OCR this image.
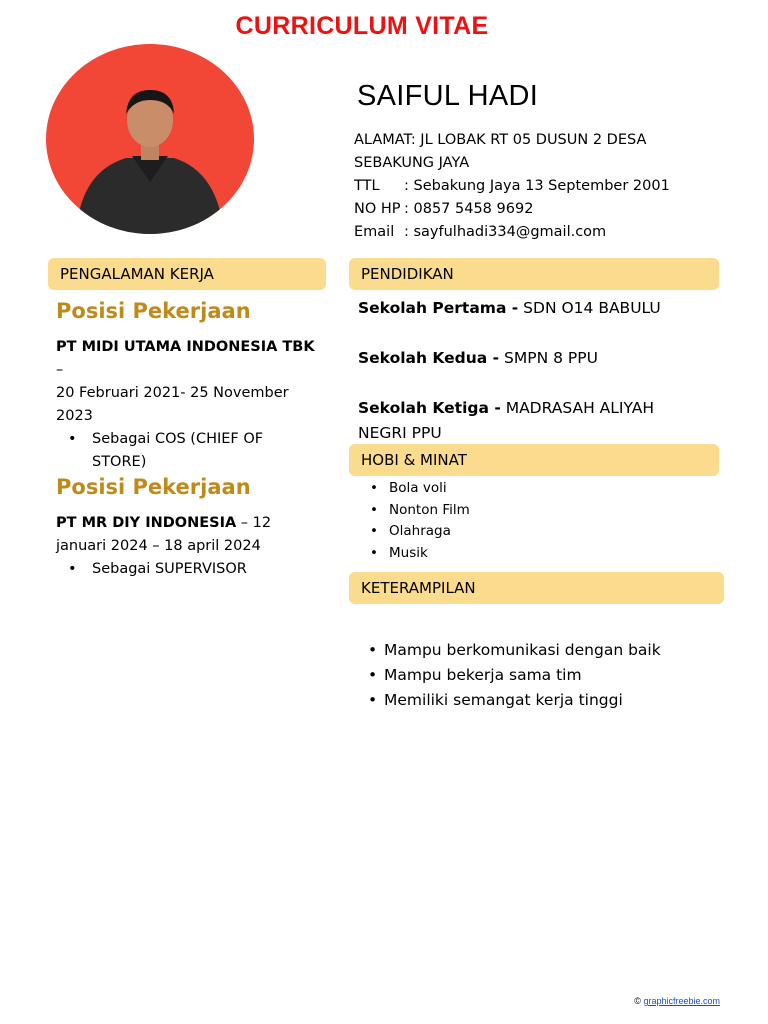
CURRICULUM VITAE
SAIFUL HADI
ALAMAT: JL LOBAK RT 05 DUSUN 2 DESA
SEBAKUNG JAYA
TTL	: Sebakung Jaya 13 September 2001
NO HP : 0857 5458 9692
Email : sayfulhadi334@gmail.com
PENGALAMAN KERJA
Posisi Pekerjaan
PT MIDI UTAMA INDONESIA TBK –
20 Februari 2021- 25 November 2023
• Sebagai COS (CHIEF OF STORE)
Posisi Pekerjaan
PT MR DIY INDONESIA – 12 januari 2024 – 18 april 2024
• Sebagai SUPERVISOR
PENDIDIKAN
Sekolah Pertama - SDN O14 BABULU
Sekolah Kedua - SMPN 8 PPU
Sekolah Ketiga - MADRASAH ALIYAH NEGRI PPU
HOBI & MINAT
• Bola voli
• Nonton Film
• Olahraga
• Musik
KETERAMPILAN
• Mampu berkomunikasi dengan baik
• Mampu bekerja sama tim
• Memiliki semangat kerja tinggi
© graphicfreebie.com
